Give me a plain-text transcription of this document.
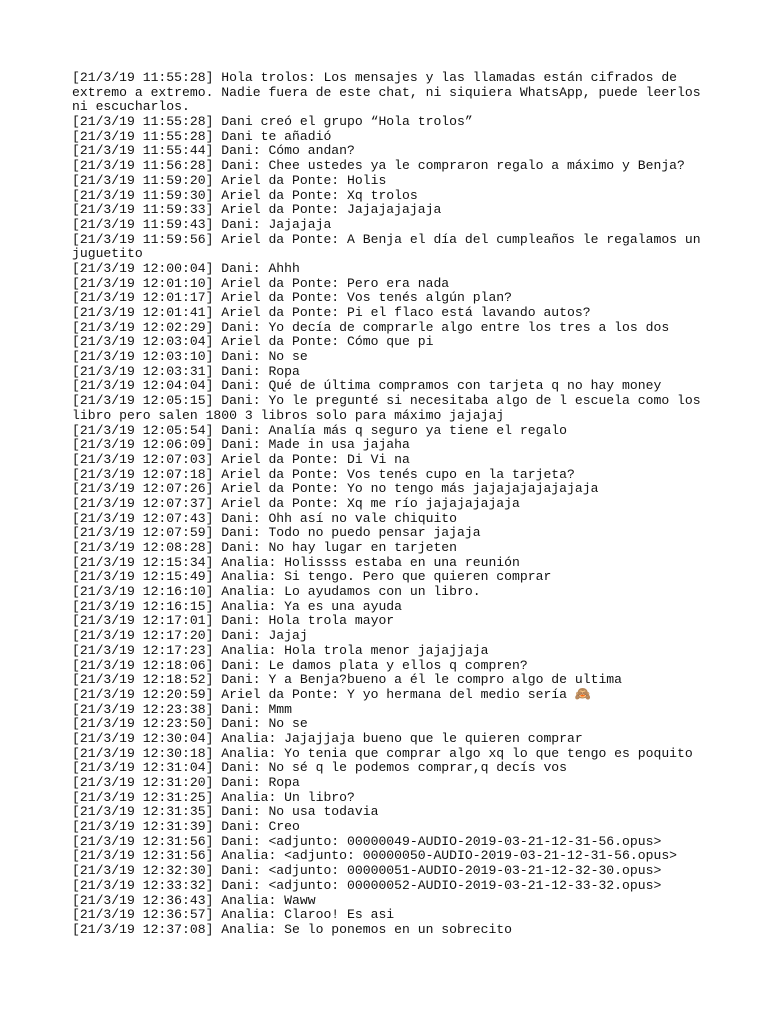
[21/3/19 11:55:28] Hola trolos: Los mensajes y las llamadas están cifrados de extremo a extremo. Nadie fuera de este chat, ni siquiera WhatsApp, puede leerlos ni escucharlos.
[21/3/19 11:55:28] Dani creó el grupo “Hola trolos”
[21/3/19 11:55:28] Dani te añadió
[21/3/19 11:55:44] Dani: Cómo andan?
[21/3/19 11:56:28] Dani: Chee ustedes ya le compraron regalo a máximo y Benja?
[21/3/19 11:59:20] Ariel da Ponte: Holis
[21/3/19 11:59:30] Ariel da Ponte: Xq trolos
[21/3/19 11:59:33] Ariel da Ponte: Jajajajajaja
[21/3/19 11:59:43] Dani: Jajajaja
[21/3/19 11:59:56] Ariel da Ponte: A Benja el día del cumpleaños le regalamos un juguetito
[21/3/19 12:00:04] Dani: Ahhh
[21/3/19 12:01:10] Ariel da Ponte: Pero era nada
[21/3/19 12:01:17] Ariel da Ponte: Vos tenés algún plan?
[21/3/19 12:01:41] Ariel da Ponte: Pi el flaco está lavando autos?
[21/3/19 12:02:29] Dani: Yo decía de comprarle algo entre los tres a los dos
[21/3/19 12:03:04] Ariel da Ponte: Cómo que pi
[21/3/19 12:03:10] Dani: No se
[21/3/19 12:03:31] Dani: Ropa
[21/3/19 12:04:04] Dani: Qué de última compramos con tarjeta q no hay money
[21/3/19 12:05:15] Dani: Yo le pregunté si necesitaba algo de l escuela como los libro pero salen 1800 3 libros solo para máximo jajajaj
[21/3/19 12:05:54] Dani: Analía más q seguro ya tiene el regalo
[21/3/19 12:06:09] Dani: Made in usa jajaha
[21/3/19 12:07:03] Ariel da Ponte: Di Vi na
[21/3/19 12:07:18] Ariel da Ponte: Vos tenés cupo en la tarjeta?
[21/3/19 12:07:26] Ariel da Ponte: Yo no tengo más jajajajajajajaja
[21/3/19 12:07:37] Ariel da Ponte: Xq me río jajajajajaja
[21/3/19 12:07:43] Dani: Ohh así no vale chiquito
[21/3/19 12:07:59] Dani: Todo no puedo pensar jajaja
[21/3/19 12:08:28] Dani: No hay lugar en tarjeten
[21/3/19 12:15:34] Analia: Holissss estaba en una reunión
[21/3/19 12:15:49] Analia: Si tengo. Pero que quieren comprar
[21/3/19 12:16:10] Analia: Lo ayudamos con un libro.
[21/3/19 12:16:15] Analia: Ya es una ayuda
[21/3/19 12:17:01] Dani: Hola trola mayor
[21/3/19 12:17:20] Dani: Jajaj
[21/3/19 12:17:23] Analia: Hola trola menor jajajjaja
[21/3/19 12:18:06] Dani: Le damos plata y ellos q compren?
[21/3/19 12:18:52] Dani: Y a Benja?bueno a él le compro algo de ultima
[21/3/19 12:20:59] Ariel da Ponte: Y yo hermana del medio sería 🙈
[21/3/19 12:23:38] Dani: Mmm
[21/3/19 12:23:50] Dani: No se
[21/3/19 12:30:04] Analia: Jajajjaja bueno que le quieren comprar
[21/3/19 12:30:18] Analia: Yo tenia que comprar algo xq lo que tengo es poquito
[21/3/19 12:31:04] Dani: No sé q le podemos comprar,q decís vos
[21/3/19 12:31:20] Dani: Ropa
[21/3/19 12:31:25] Analia: Un libro?
[21/3/19 12:31:35] Dani: No usa todavia
[21/3/19 12:31:39] Dani: Creo
[21/3/19 12:31:56] Dani: <adjunto: 00000049-AUDIO-2019-03-21-12-31-56.opus>
[21/3/19 12:31:56] Analia: <adjunto: 00000050-AUDIO-2019-03-21-12-31-56.opus>
[21/3/19 12:32:30] Dani: <adjunto: 00000051-AUDIO-2019-03-21-12-32-30.opus>
[21/3/19 12:33:32] Dani: <adjunto: 00000052-AUDIO-2019-03-21-12-33-32.opus>
[21/3/19 12:36:43] Analia: Waww
[21/3/19 12:36:57] Analia: Claroo! Es asi
[21/3/19 12:37:08] Analia: Se lo ponemos en un sobrecito
